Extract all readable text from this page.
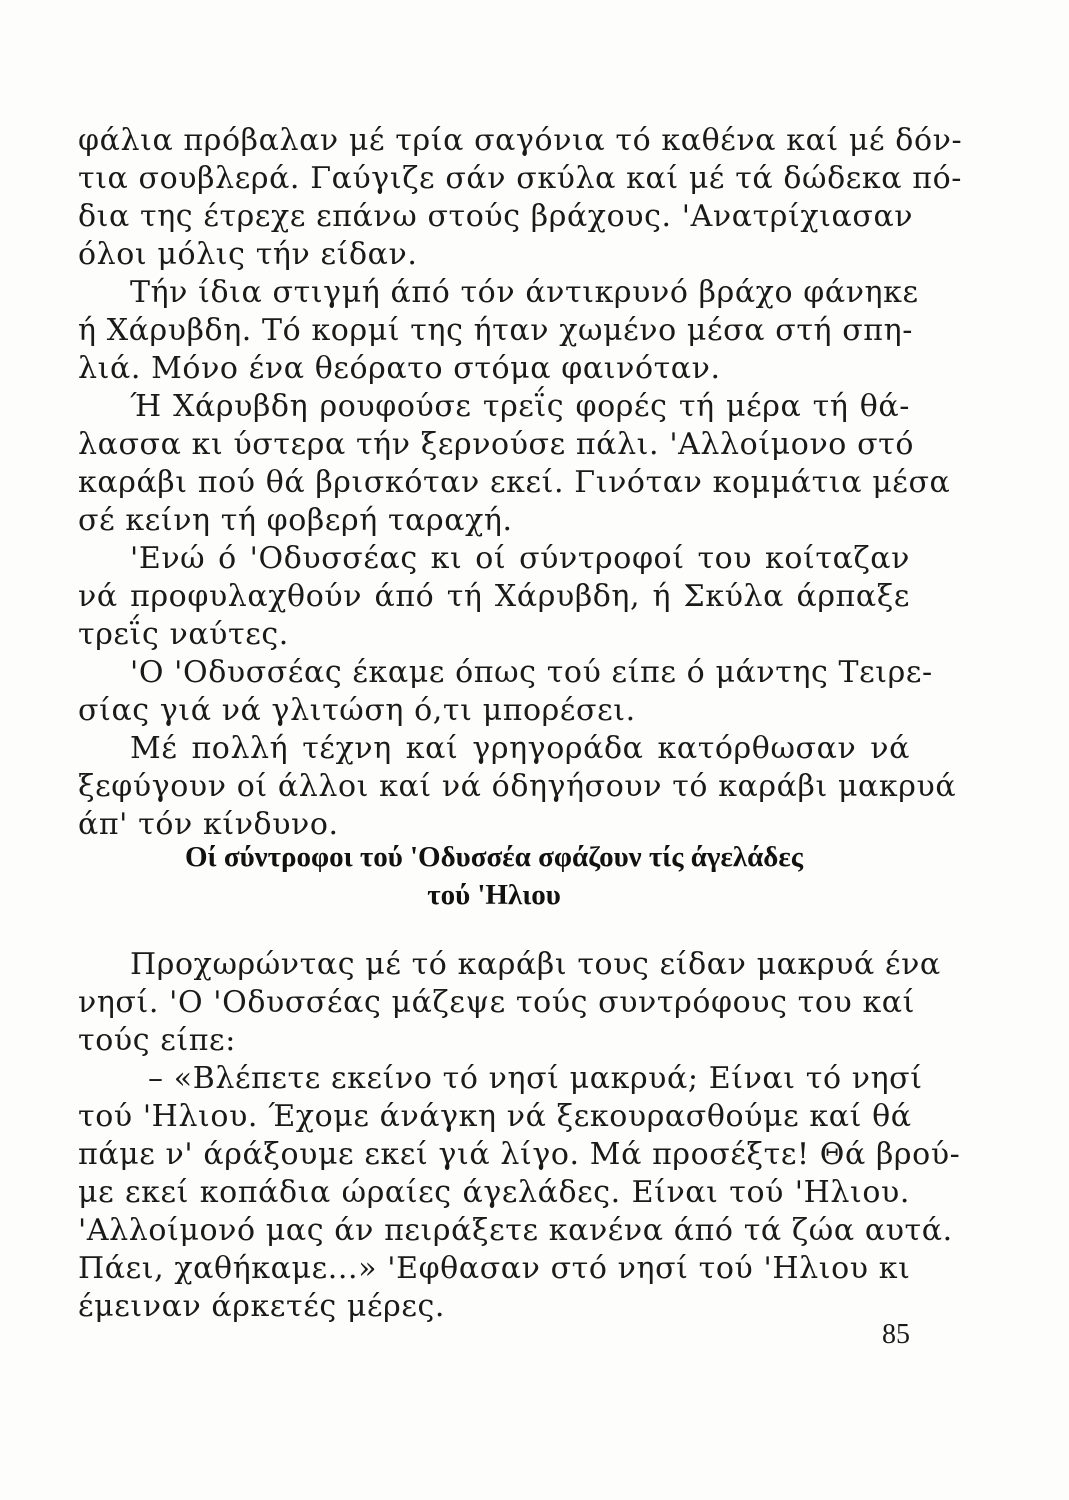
φάλια πρόβαλαν μέ τρία σαγόνια τό καθένα καί μέ δόν-
τια σουβλερά. Γαύγιζε σάν σκύλα καί μέ τά δώδεκα πό-
δια της έτρεχε επάνω στούς βράχους. 'Ανατρίχιασαν
όλοι μόλις τήν είδαν.
Τήν ίδια στιγμή άπό τόν άντικρυνό βράχο φάνηκε
ή Χάρυβδη. Τό κορμί της ήταν χωμένο μέσα στή σπη-
λιά. Μόνο ένα θεόρατο στόμα φαινόταν.
Ή Χάρυβδη ρουφούσε τρεΐς φορές τή μέρα τή θά-
λασσα κι ύστερα τήν ξερνούσε πάλι. 'Αλλοίμονο στό
καράβι πού θά βρισκόταν εκεί. Γινόταν κομμάτια μέσα
σέ κείνη τή φοβερή ταραχή.
'Ενώ ό 'Οδυσσέας κι οί σύντροφοί του κοίταζαν
νά προφυλαχθούν άπό τή Χάρυβδη, ή Σκύλα άρπαξε
τρεΐς ναύτες.
'Ο 'Οδυσσέας έκαμε όπως τού είπε ό μάντης Τειρε-
σίας γιά νά γλιτώση ό,τι μπορέσει.
Μέ πολλή τέχνη καί γρηγοράδα κατόρθωσαν νά
ξεφύγουν οί άλλοι καί νά όδηγήσουν τό καράβι μακρυά
άπ' τόν κίνδυνο.
Οί σύντροφοι τού 'Οδυσσέα σφάζουν τίς άγελάδες
τού 'Ηλιου
Προχωρώντας μέ τό καράβι τους είδαν μακρυά ένα
νησί. 'Ο 'Οδυσσέας μάζεψε τούς συντρόφους του καί
τούς είπε:
– «Βλέπετε εκείνο τό νησί μακρυά; Είναι τό νησί
τού 'Ηλιου. Έχομε άνάγκη νά ξεκουρασθούμε καί θά
πάμε ν' άράξουμε εκεί γιά λίγο. Μά προσέξτε! Θά βρού-
με εκεί κοπάδια ώραίες άγελάδες. Είναι τού 'Ηλιου.
'Αλλοίμονό μας άν πειράξετε κανένα άπό τά ζώα αυτά.
Πάει, χαθήκαμε...» 'Εφθασαν στό νησί τού 'Ηλιου κι
έμειναν άρκετές μέρες.
85
